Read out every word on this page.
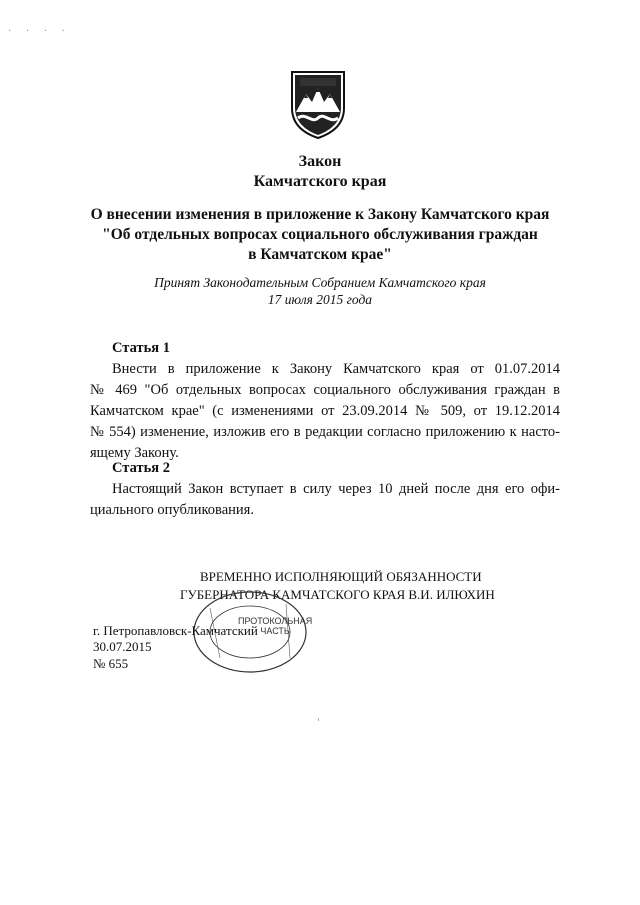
· · · ·
Закон
Камчатского края
О внесении изменения в приложение к Закону Камчатского края
"Об отдельных вопросах социального обслуживания граждан
в Камчатском крае"
Принят Законодательным Собранием Камчатского края
17 июля 2015 года
Статья 1
Внести в приложение к Закону Камчатского края от 01.07.2014
№ 469 "Об отдельных вопросах социального обслуживания граждан в
Камчатском крае" (с изменениями от 23.09.2014 № 509, от 19.12.2014
№ 554) изменение, изложив его в редакции согласно приложению к насто-
ящему Закону.
Статья 2
Настоящий Закон вступает в силу через 10 дней после дня его офи-
циального опубликования.
ВРЕМЕННО ИСПОЛНЯЮЩИЙ ОБЯЗАННОСТИ
ГУБЕРНАТОРА КАМЧАТСКОГО КРАЯ В.И. ИЛЮХИН
ПРОТОКОЛЬНАЯ
ЧАСТЬ
г. Петропавловск-Камчатский
30.07.2015
№ 655
